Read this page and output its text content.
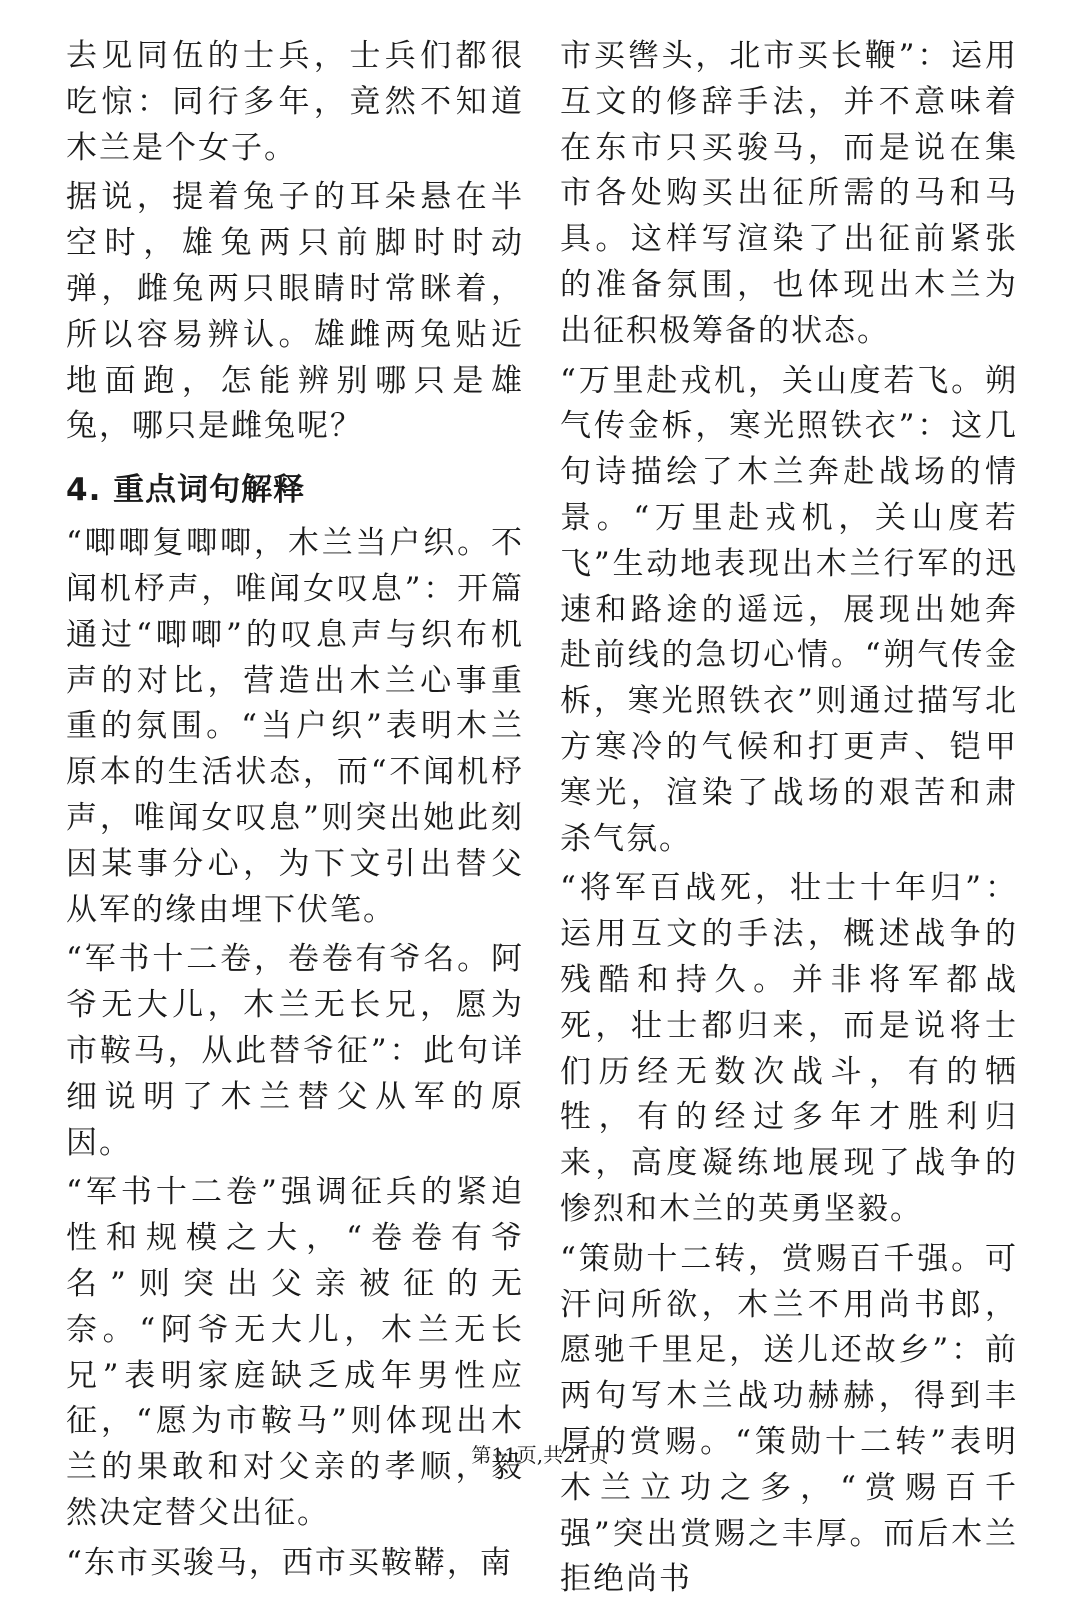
去见同伍的士兵，士兵们都很吃惊：同行多年，竟然不知道木兰是个女子。

据说，提着兔子的耳朵悬在半空时，雄兔两只前脚时时动弹，雌兔两只眼睛时常眯着，所以容易辨认。雄雌两兔贴近地面跑，怎能辨别哪只是雄兔，哪只是雌兔呢？

4. 重点词句解释

“唧唧复唧唧，木兰当户织。不闻机杼声，唯闻女叹息”：开篇通过“唧唧”的叹息声与织布机声的对比，营造出木兰心事重重的氛围。“当户织”表明木兰原本的生活状态，而“不闻机杼声，唯闻女叹息”则突出她此刻因某事分心，为下文引出替父从军的缘由埋下伏笔。

“军书十二卷，卷卷有爷名。阿爷无大儿，木兰无长兄，愿为市鞍马，从此替爷征”：此句详细说明了木兰替父从军的原因。

“军书十二卷”强调征兵的紧迫性和规模之大，“卷卷有爷名”则突出父亲被征的无奈。“阿爷无大儿，木兰无长兄”表明家庭缺乏成年男性应征，“愿为市鞍马”则体现出木兰的果敢和对父亲的孝顺，毅然决定替父出征。

“东市买骏马，西市买鞍鞯，南

市买辔头，北市买长鞭”：运用互文的修辞手法，并不意味着在东市只买骏马，而是说在集市各处购买出征所需的马和马具。这样写渲染了出征前紧张的准备氛围，也体现出木兰为出征积极筹备的状态。

“万里赴戎机，关山度若飞。朔气传金柝，寒光照铁衣”：这几句诗描绘了木兰奔赴战场的情景。“万里赴戎机，关山度若飞”生动地表现出木兰行军的迅速和路途的遥远，展现出她奔赴前线的急切心情。“朔气传金柝，寒光照铁衣”则通过描写北方寒冷的气候和打更声、铠甲寒光，渲染了战场的艰苦和肃杀气氛。

“将军百战死，壮士十年归”：运用互文的手法，概述战争的残酷和持久。并非将军都战死，壮士都归来，而是说将士们历经无数次战斗，有的牺牲，有的经过多年才胜利归来，高度凝练地展现了战争的惨烈和木兰的英勇坚毅。

“策勋十二转，赏赐百千强。可汗问所欲，木兰不用尚书郎，愿驰千里足，送儿还故乡”：前两句写木兰战功赫赫，得到丰厚的赏赐。“策勋十二转”表明木兰立功之多，“赏赐百千强”突出赏赐之丰厚。而后木兰拒绝尚书

第11页,共21页
